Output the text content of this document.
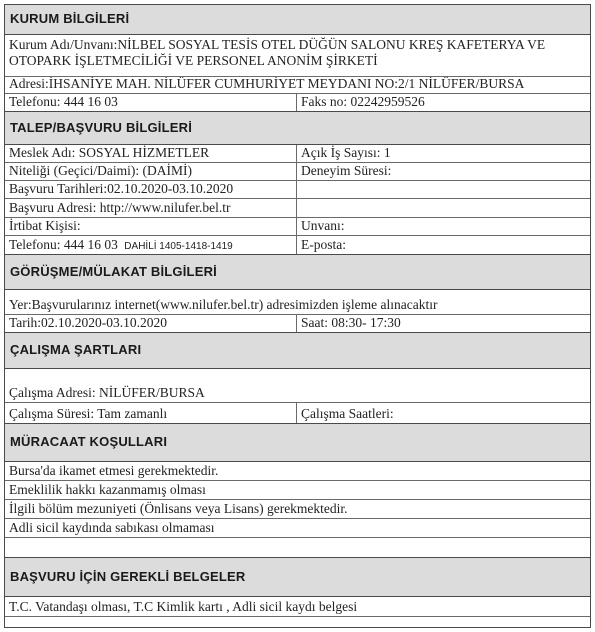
KURUM BİLGİLERİ
Kurum Adı/Unvanı:NİLBEL SOSYAL TESİS OTEL DÜĞÜN SALONU KREŞ KAFETERYA VE OTOPARK İŞLETMECİLİĞİ VE PERSONEL ANONİM ŞİRKETİ
Adresi:İHSANİYE MAH. NİLÜFER CUMHURİYET MEYDANI NO:2/1 NİLÜFER/BURSA
Telefonu: 444 16 03	Faks no: 02242959526
TALEP/BAŞVURU BİLGİLERİ
Meslek Adı: SOSYAL HİZMETLER	Açık İş Sayısı: 1
Niteliği (Geçici/Daimi): (DAİMİ)	Deneyim Süresi:
Başvuru Tarihleri:02.10.2020-03.10.2020
Başvuru Adresi: http://www.nilufer.bel.tr
İrtibat Kişisi:	Unvanı:
Telefonu: 444 16 03 DAHİLİ 1405-1418-1419	E-posta:
GÖRÜŞME/MÜLAKAT BİLGİLERİ
Yer:Başvurularınız internet(www.nilufer.bel.tr) adresimizden işleme alınacaktır
Tarih:02.10.2020-03.10.2020	Saat: 08:30- 17:30
ÇALIŞMA ŞARTLARI
Çalışma Adresi: NİLÜFER/BURSA
Çalışma Süresi: Tam zamanlı	Çalışma Saatleri:
MÜRACAAT KOŞULLARI
Bursa'da ikamet etmesi gerekmektedir.
Emeklilik hakkı kazanmamış olması
İlgili bölüm mezuniyeti (Önlisans veya Lisans) gerekmektedir.
Adli sicil kaydında sabıkası olmaması
BAŞVURU İÇİN GEREKLİ BELGELER
T.C. Vatandaşı olması, T.C Kimlik kartı , Adli sicil kaydı belgesi
